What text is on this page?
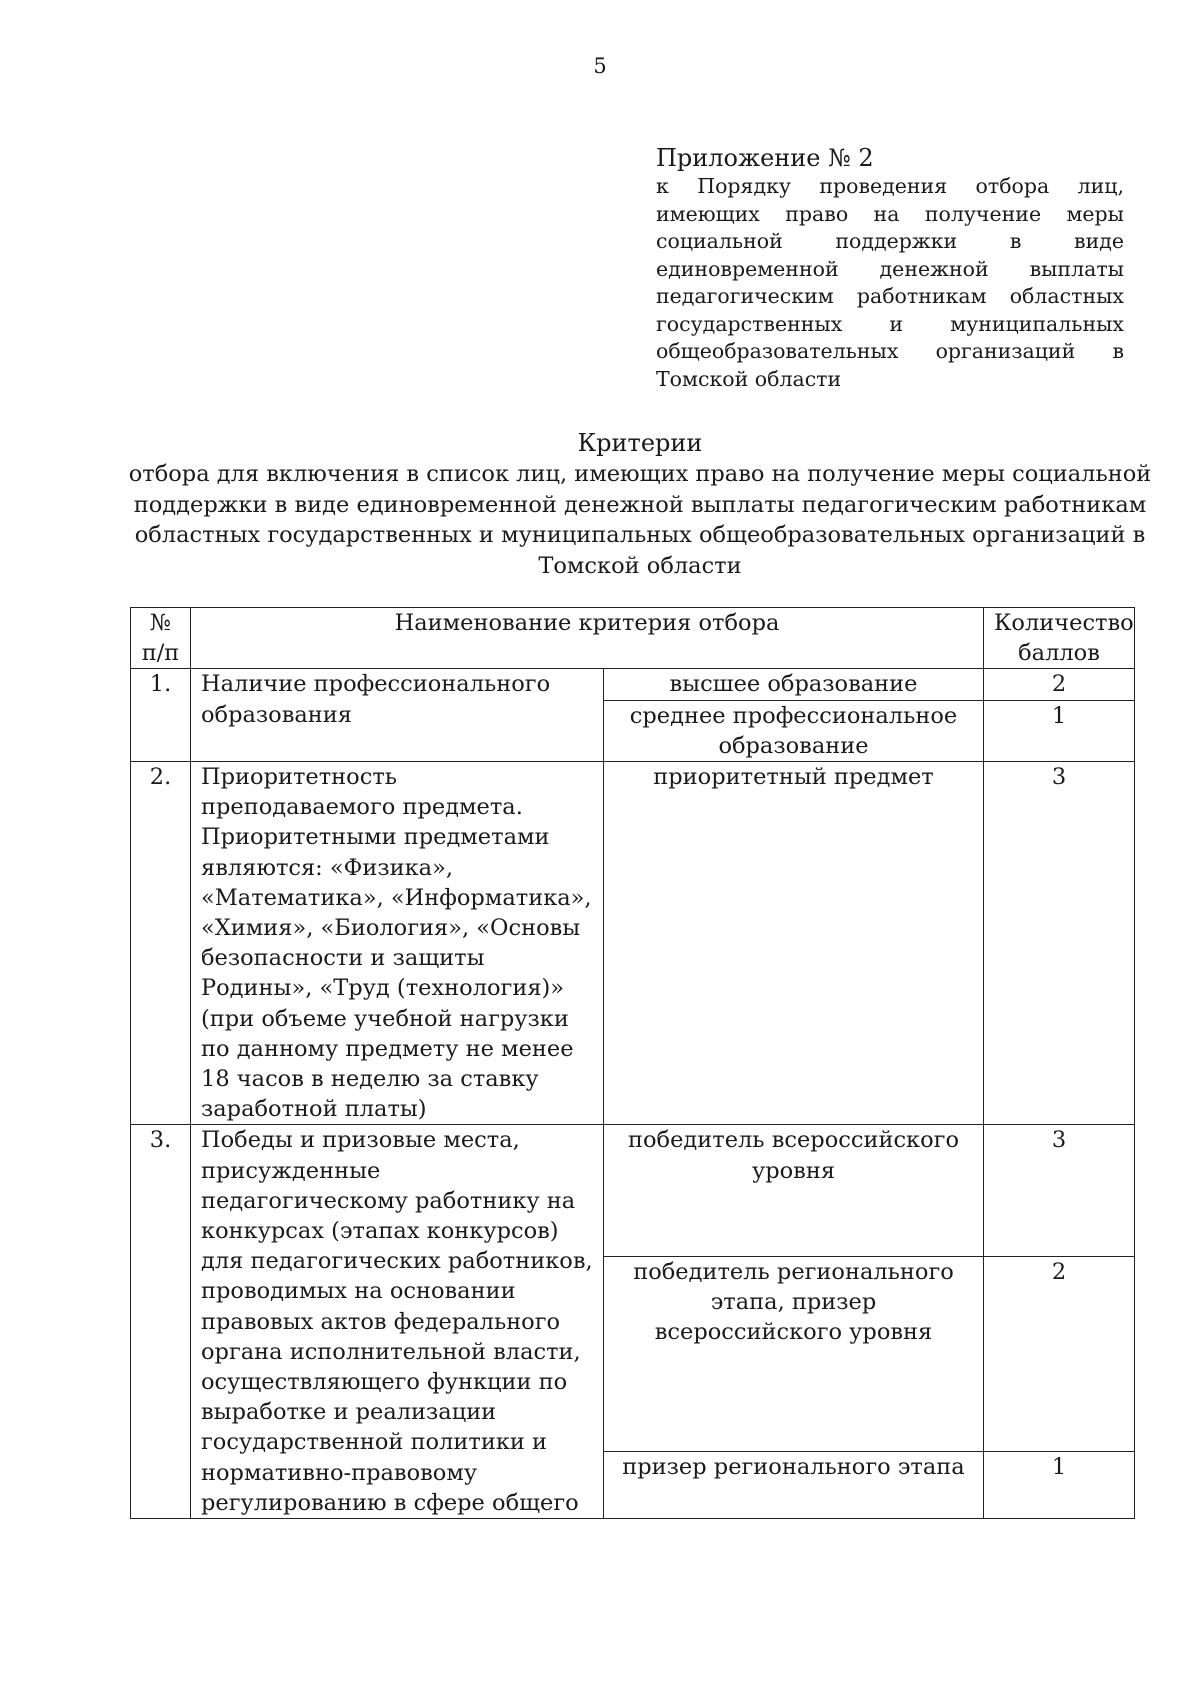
5
Приложение № 2
к Порядку проведения отбора лиц, имеющих право на получение меры социальной поддержки в виде единовременной денежной выплаты педагогическим работникам областных государственных и муниципальных общеобразовательных организаций в Томской области
Критерии
отбора для включения в список лиц, имеющих право на получение меры социальной поддержки в виде единовременной денежной выплаты педагогическим работникам областных государственных и муниципальных общеобразовательных организаций в Томской области
№ п/п	Наименование критерия отбора		Количество баллов
1.	Наличие профессионального образования	высшее образование	2
		среднее профессиональное образование	1
2.	Приоритетность преподаваемого предмета. Приоритетными предметами являются: «Физика», «Математика», «Информатика», «Химия», «Биология», «Основы безопасности и защиты Родины», «Труд (технология)» (при объеме учебной нагрузки по данному предмету не менее 18 часов в неделю за ставку заработной платы)	приоритетный предмет	3
3.	Победы и призовые места, присужденные педагогическому работнику на конкурсах (этапах конкурсов) для педагогических работников, проводимых на основании правовых актов федерального органа исполнительной власти, осуществляющего функции по выработке и реализации государственной политики и нормативно-правовому регулированию в сфере общего	победитель всероссийского уровня	3
		победитель регионального этапа, призер всероссийского уровня	2
		призер регионального этапа	1
